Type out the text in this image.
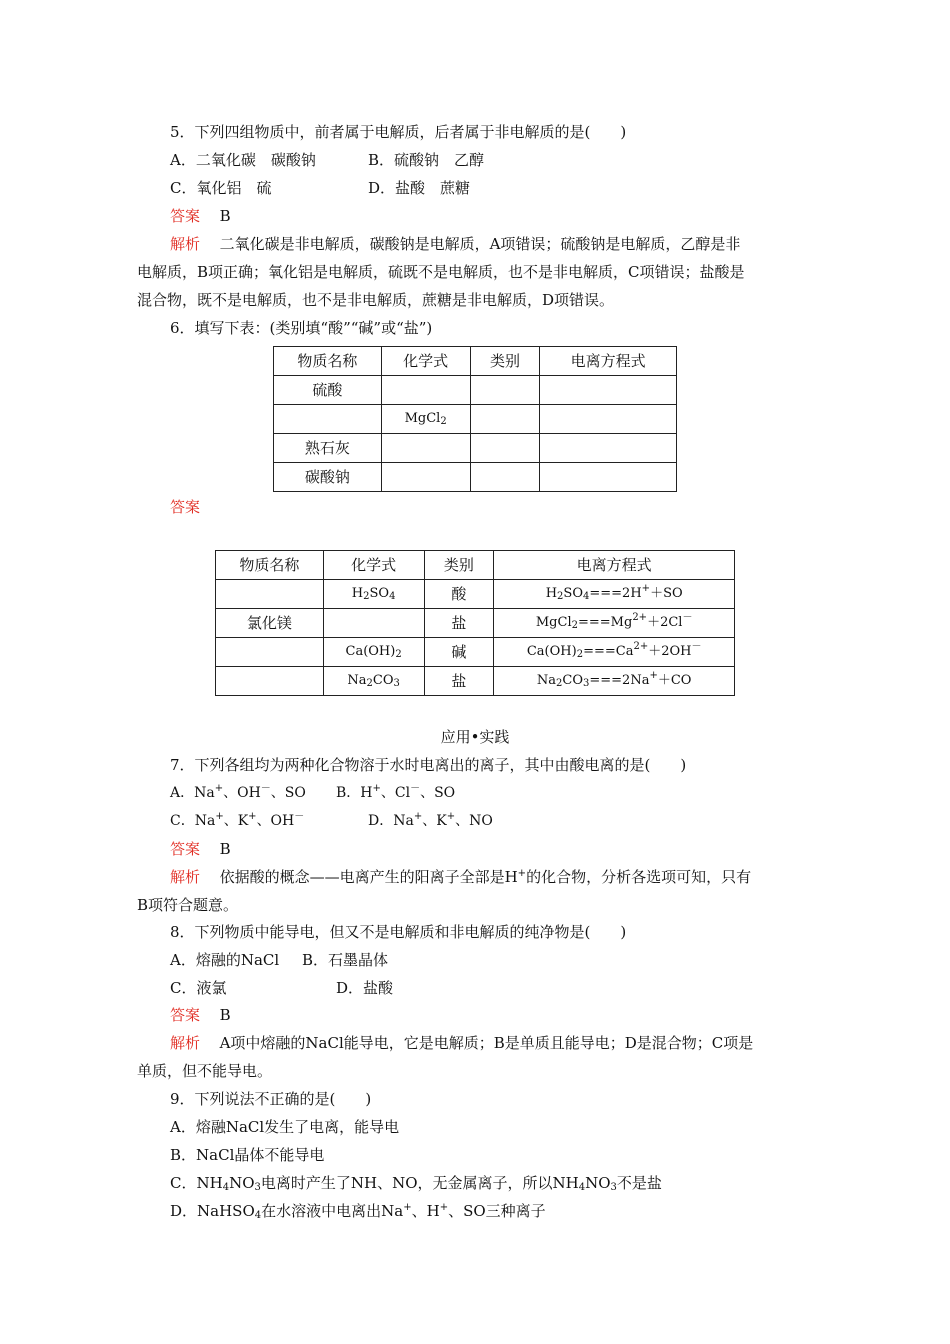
5．下列四组物质中，前者属于电解质，后者属于非电解质的是(　　)
A．二氧化碳　碳酸钠	B．硫酸钠　乙醇
C．氧化铝　硫	D．盐酸　蔗糖
答案 B
解析 二氧化碳是非电解质，碳酸钠是电解质，A项错误；硫酸钠是电解质，乙醇是非
电解质，B项正确；氧化铝是电解质，硫既不是电解质，也不是非电解质，C项错误；盐酸是
混合物，既不是电解质，也不是非电解质，蔗糖是非电解质，D项错误。
6．填写下表：(类别填“酸”“碱”或“盐”)
物质名称	化学式	类别	电离方程式
硫酸			
	MgCl$_2$		
熟石灰			
碳酸钠			
答案
物质名称	化学式	类别	电离方程式
	$H_2SO_4$	酸	$H_2SO_4===2H^++SO$
氯化镁		盐	$MgCl_2===Mg^{2+}+2Cl^-$
	$Ca(OH)_2$	碱	$Ca(OH)_2===Ca^{2+}+2OH^-$
	$Na_2CO_3$	盐	$Na_2CO_3===2Na^++CO$
应用•实践
7．下列各组均为两种化合物溶于水时电离出的离子，其中由酸电离的是(　　)
A．Na+、OH－、SO B．H+、Cl－、SO
C．Na+、K+、OH－	D．Na+、K+、NO
答案 B
解析 依据酸的概念——电离产生的阳离子全部是H+的化合物，分析各选项可知，只有
B项符合题意。
8．下列物质中能导电，但又不是电解质和非电解质的纯净物是(　　)
A．熔融的NaCl B．石墨晶体
C．液氯	D．盐酸
答案 B
解析 A项中熔融的NaCl能导电，它是电解质；B是单质且能导电；D是混合物；C项是
单质，但不能导电。
9．下列说法不正确的是(　　)
A．熔融NaCl发生了电离，能导电
B．NaCl晶体不能导电
C．$NH_4NO_3$电离时产生了NH、NO，无金属离子，所以$NH_4NO_3$不是盐
D．NaHSO$_4$在水溶液中电离出Na+、H+、SO三种离子
